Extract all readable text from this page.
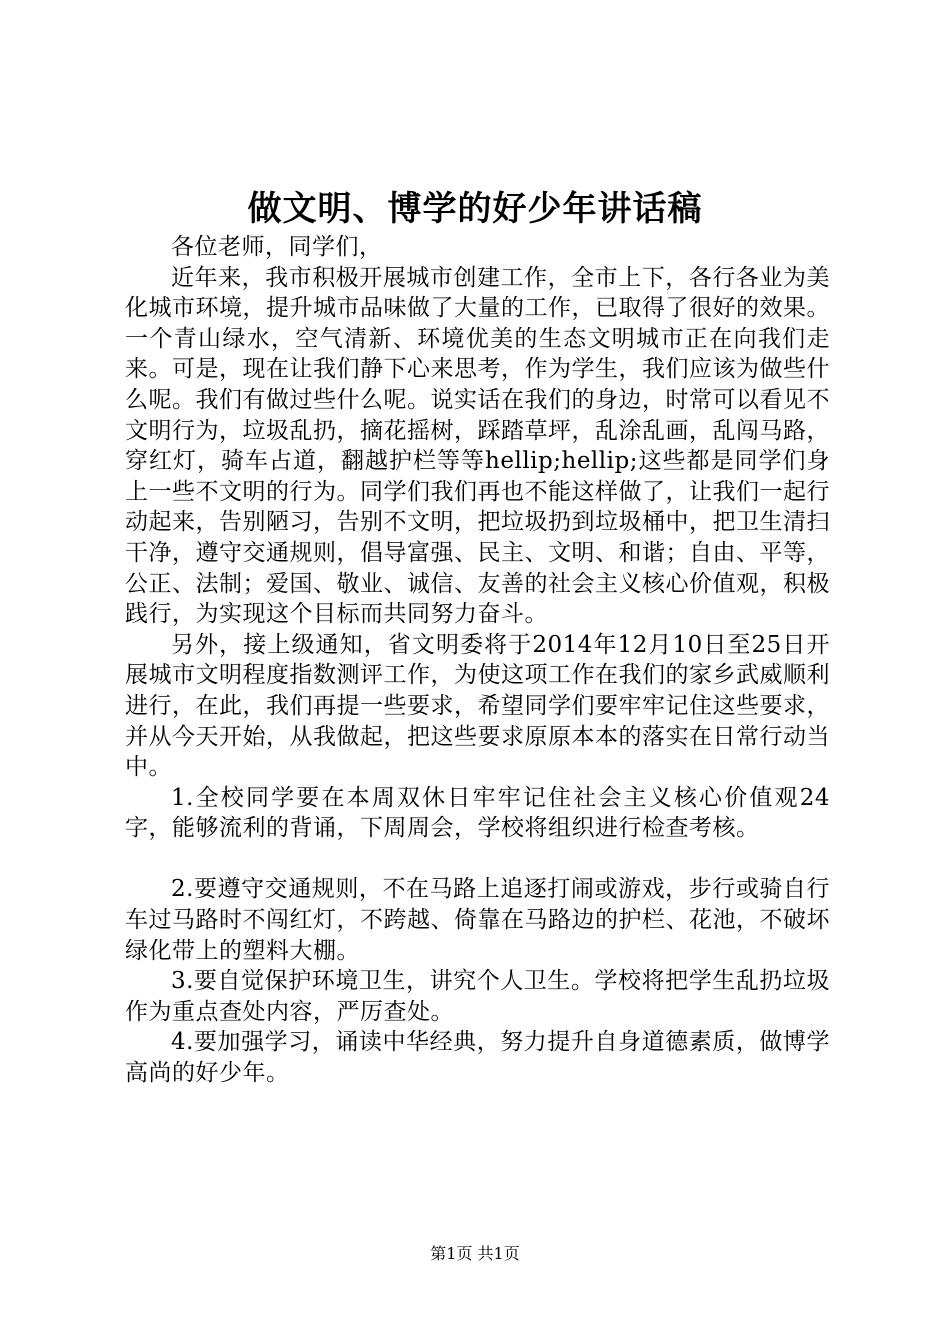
做文明、博学的好少年讲话稿

各位老师，同学们，

近年来，我市积极开展城市创建工作，全市上下，各行各业为美化城市环境，提升城市品味做了大量的工作，已取得了很好的效果。一个青山绿水，空气清新、环境优美的生态文明城市正在向我们走来。可是，现在让我们静下心来思考，作为学生，我们应该为做些什么呢。我们有做过些什么呢。说实话在我们的身边，时常可以看见不文明行为，垃圾乱扔，摘花摇树，踩踏草坪，乱涂乱画，乱闯马路，穿红灯，骑车占道，翻越护栏等等hellip;hellip;这些都是同学们身上一些不文明的行为。同学们我们再也不能这样做了，让我们一起行动起来，告别陋习，告别不文明，把垃圾扔到垃圾桶中，把卫生清扫干净，遵守交通规则，倡导富强、民主、文明、和谐；自由、平等，公正、法制；爱国、敬业、诚信、友善的社会主义核心价值观，积极践行，为实现这个目标而共同努力奋斗。

另外，接上级通知，省文明委将于2014年12月10日至25日开展城市文明程度指数测评工作，为使这项工作在我们的家乡武威顺利进行，在此，我们再提一些要求，希望同学们要牢牢记住这些要求，并从今天开始，从我做起，把这些要求原原本本的落实在日常行动当中。

1.全校同学要在本周双休日牢牢记住社会主义核心价值观24字，能够流利的背诵，下周周会，学校将组织进行检查考核。

2.要遵守交通规则，不在马路上追逐打闹或游戏，步行或骑自行车过马路时不闯红灯，不跨越、倚靠在马路边的护栏、花池，不破坏绿化带上的塑料大棚。

3.要自觉保护环境卫生，讲究个人卫生。学校将把学生乱扔垃圾作为重点查处内容，严厉查处。

4.要加强学习，诵读中华经典，努力提升自身道德素质，做博学高尚的好少年。

第1页 共1页
